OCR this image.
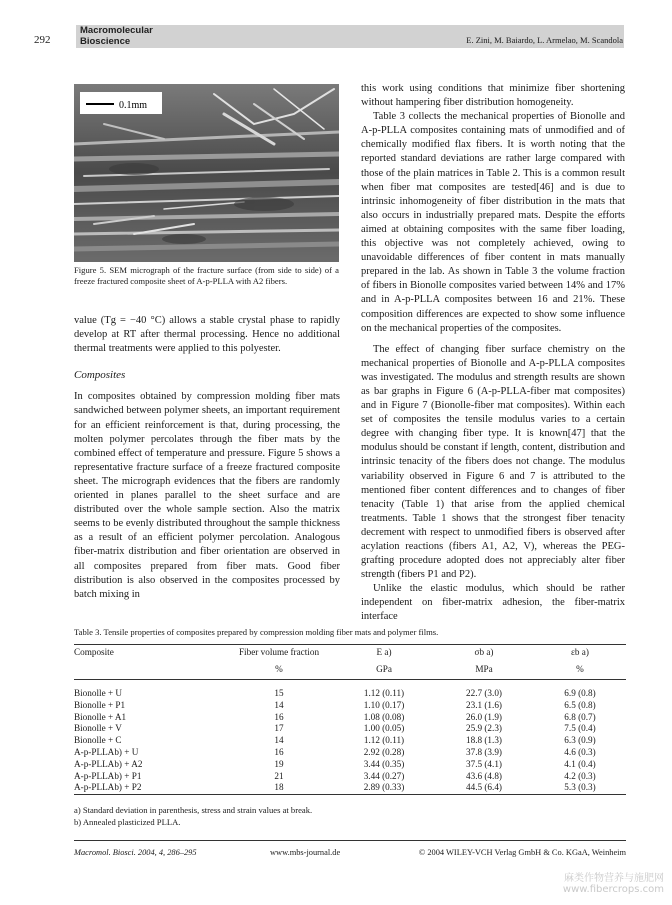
292
Macromolecular
Bioscience	E. Zini, M. Baiardo, L. Armelao, M. Scandola
0.1mm
Figure 5. SEM micrograph of the fracture surface (from side to side) of a freeze fractured composite sheet of A-p-PLLA with A2 fibers.

value (Tg = −40 °C) allows a stable crystal phase to rapidly develop at RT after thermal processing. Hence no additional thermal treatments were applied to this polyester.

Composites

In composites obtained by compression molding fiber mats sandwiched between polymer sheets, an important requirement for an efficient reinforcement is that, during processing, the molten polymer percolates through the fiber mats by the combined effect of temperature and pressure. Figure 5 shows a representative fracture surface of a freeze fractured composite sheet. The micrograph evidences that the fibers are randomly oriented in planes parallel to the sheet surface and are distributed over the whole sample section. Also the matrix seems to be evenly distributed throughout the sample thickness as a result of an efficient polymer percolation. Analogous fiber-matrix distribution and fiber orientation are observed in all composites prepared from fiber mats. Good fiber distribution is also observed in the composites processed by batch mixing in

this work using conditions that minimize fiber shortening without hampering fiber distribution homogeneity.

Table 3 collects the mechanical properties of Bionolle and A-p-PLLA composites containing mats of unmodified and of chemically modified flax fibers. It is worth noting that the reported standard deviations are rather large compared with those of the plain matrices in Table 2. This is a common result when fiber mat composites are tested[46] and is due to intrinsic inhomogeneity of fiber distribution in the mats that also occurs in industrially prepared mats. Despite the efforts aimed at obtaining composites with the same fiber loading, this objective was not completely achieved, owing to unavoidable differences of fiber content in mats manually prepared in the lab. As shown in Table 3 the volume fraction of fibers in Bionolle composites varied between 14% and 17% and in A-p-PLLA composites between 16 and 21%. These composition differences are expected to show some influence on the mechanical properties of the composites.

The effect of changing fiber surface chemistry on the mechanical properties of Bionolle and A-p-PLLA composites was investigated. The modulus and strength results are shown as bar graphs in Figure 6 (A-p-PLLA-fiber mat composites) and in Figure 7 (Bionolle-fiber mat composites). Within each set of composites the tensile modulus varies to a certain degree with changing fiber type. It is known[47] that the modulus should be constant if length, content, distribution and intrinsic tenacity of the fibers does not change. The modulus variability observed in Figure 6 and 7 is attributed to the mentioned fiber content differences and to changes of fiber tenacity (Table 1) that arise from the applied chemical treatments. Table 1 shows that the strongest fiber tenacity decrement with respect to unmodified fibers is observed after acylation reactions (fibers A1, A2, V), whereas the PEG-grafting procedure adopted does not appreciably alter fiber strength (fibers P1 and P2).

Unlike the elastic modulus, which should be rather independent on fiber-matrix adhesion, the fiber-matrix interface

Table 3. Tensile properties of composites prepared by compression molding fiber mats and polymer films.
Composite	Fiber volume fraction	E a)	σb a)	εb a)
	%	GPa	MPa	%

Bionolle + U	15	1.12 (0.11)	22.7 (3.0)	6.9 (0.8)
Bionolle + P1	14	1.10 (0.17)	23.1 (1.6)	6.5 (0.8)
Bionolle + A1	16	1.08 (0.08)	26.0 (1.9)	6.8 (0.7)
Bionolle + V	17	1.00 (0.05)	25.9 (2.3)	7.5 (0.4)
Bionolle + C	14	1.12 (0.11)	18.8 (1.3)	6.3 (0.9)
A-p-PLLAb) + U	16	2.92 (0.28)	37.8 (3.9)	4.6 (0.3)
A-p-PLLAb) + A2	19	3.44 (0.35)	37.5 (4.1)	4.1 (0.4)
A-p-PLLAb) + P1	21	3.44 (0.27)	43.6 (4.8)	4.2 (0.3)
A-p-PLLAb) + P2	18	2.89 (0.33)	44.5 (6.4)	5.3 (0.3)
a) Standard deviation in parenthesis, stress and strain values at break.
b) Annealed plasticized PLLA.
Macromol. Biosci. 2004, 4, 286–295	www.mbs-journal.de	© 2004 WILEY-VCH Verlag GmbH & Co. KGaA, Weinheim
麻类作物营养与施肥网
www.fibercrops.com
